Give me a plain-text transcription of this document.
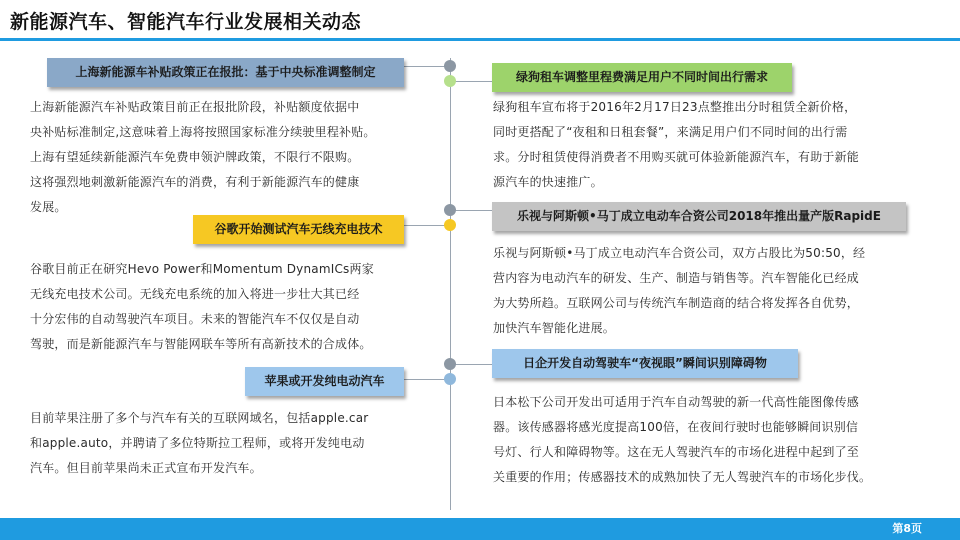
新能源汽车、智能汽车行业发展相关动态
上海新能源车补贴政策正在报批：基于中央标准调整制定
上海新能源汽车补贴政策目前正在报批阶段，补贴额度依据中
央补贴标准制定,这意味着上海将按照国家标准分续驶里程补贴。
上海有望延续新能源汽车免费申领沪牌政策，不限行不限购。
这将强烈地刺激新能源汽车的消费，有利于新能源汽车的健康
发展。
谷歌开始测试汽车无线充电技术
谷歌目前正在研究Hevo Power和Momentum DynamICs两家
无线充电技术公司。无线充电系统的加入将进一步壮大其已经
十分宏伟的自动驾驶汽车项目。未来的智能汽车不仅仅是自动
驾驶，而是新能源汽车与智能网联车等所有高新技术的合成体。
苹果或开发纯电动汽车
目前苹果注册了多个与汽车有关的互联网域名，包括apple.car
和apple.auto，并聘请了多位特斯拉工程师，或将开发纯电动
汽车。但目前苹果尚未正式宣布开发汽车。
绿狗租车调整里程费满足用户不同时间出行需求
绿狗租车宣布将于2016年2月17日23点整推出分时租赁全新价格，
同时更搭配了“夜租和日租套餐”，来满足用户们不同时间的出行需
求。分时租赁使得消费者不用购买就可体验新能源汽车，有助于新能
源汽车的快速推广。
乐视与阿斯顿•马丁成立电动车合资公司2018年推出量产版RapidE
乐视与阿斯顿•马丁成立电动汽车合资公司，双方占股比为50:50，经
营内容为电动汽车的研发、生产、制造与销售等。汽车智能化已经成
为大势所趋。互联网公司与传统汽车制造商的结合将发挥各自优势，
加快汽车智能化进展。
日企开发自动驾驶车“夜视眼”瞬间识别障碍物
日本松下公司开发出可适用于汽车自动驾驶的新一代高性能图像传感
器。该传感器将感光度提高100倍，在夜间行驶时也能够瞬间识别信
号灯、行人和障碍物等。这在无人驾驶汽车的市场化进程中起到了至
关重要的作用；传感器技术的成熟加快了无人驾驶汽车的市场化步伐。
第8页
